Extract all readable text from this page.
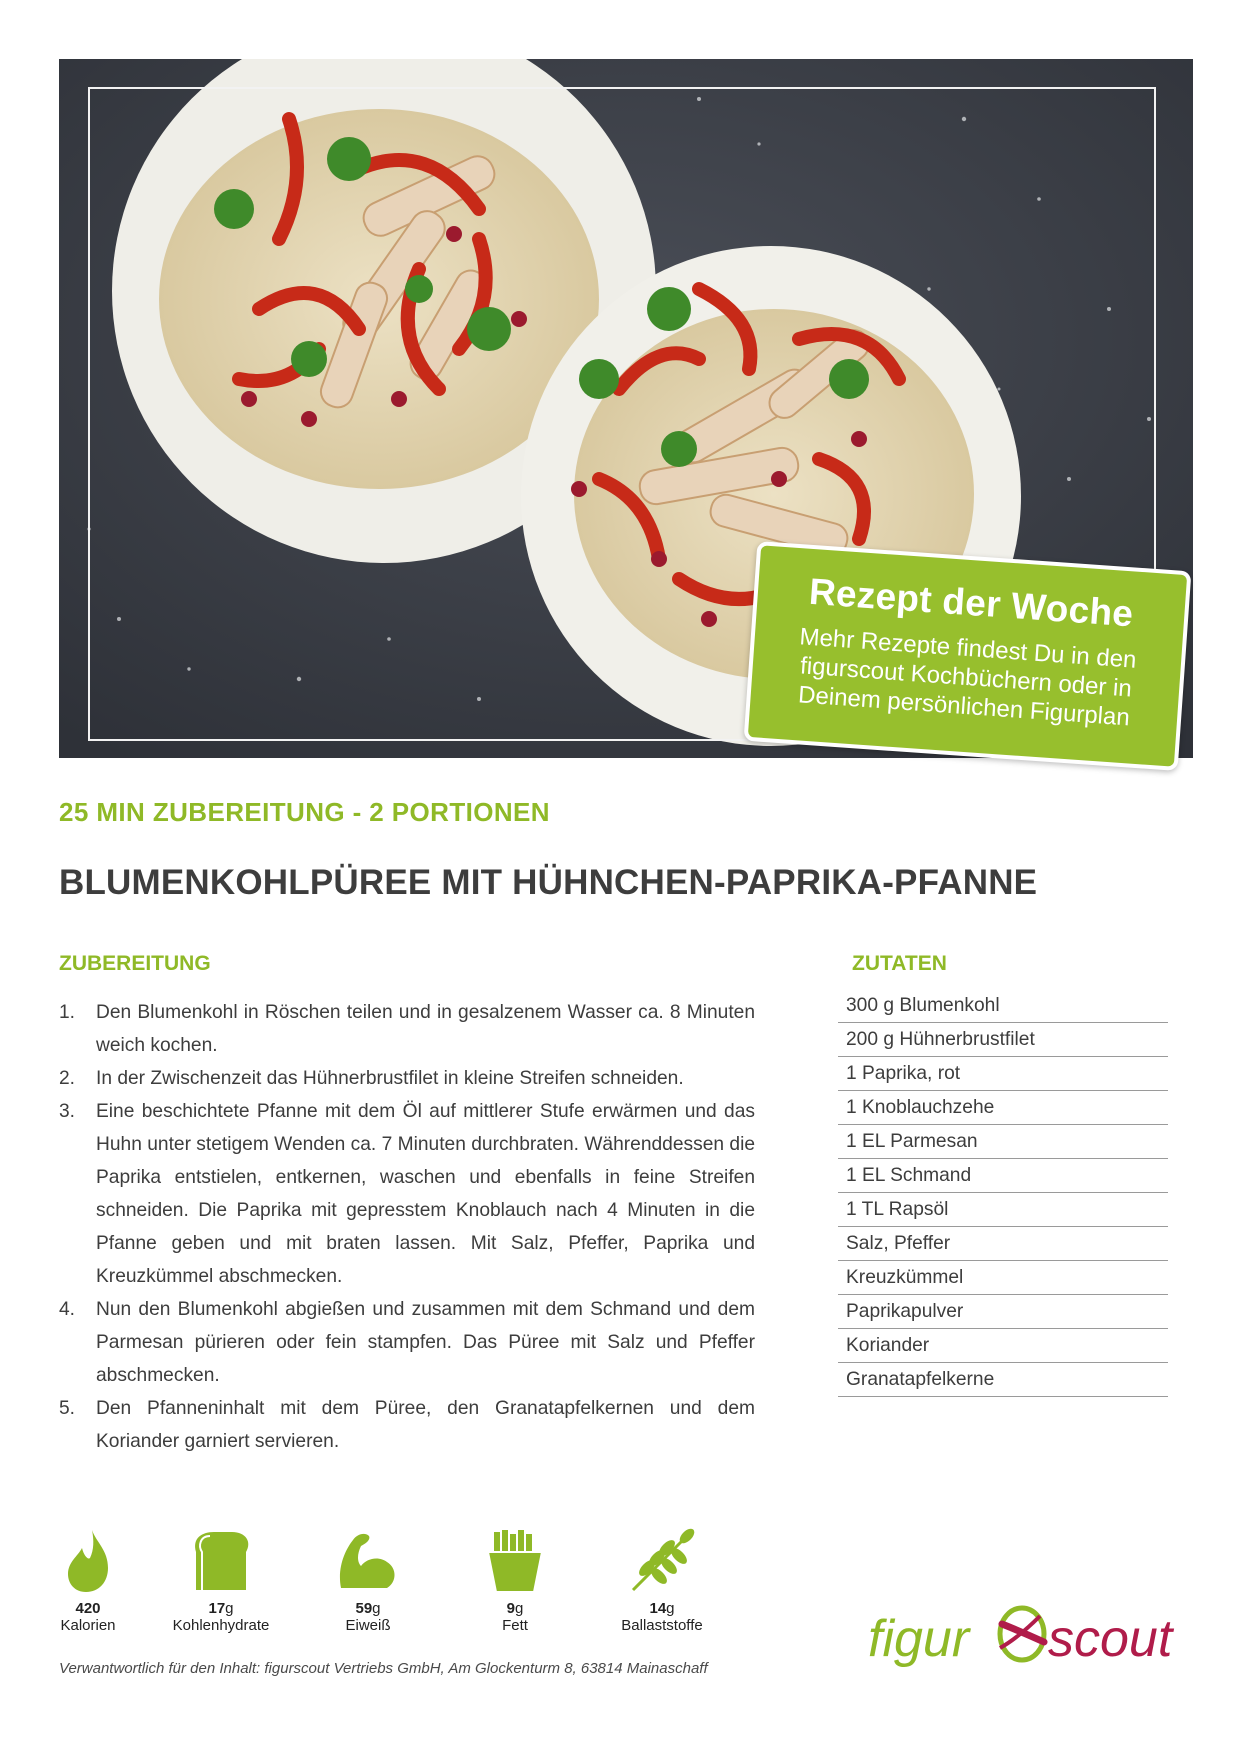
Rezept der Woche
Mehr Rezepte findest Du in den figurscout Kochbüchern oder in Deinem persönlichen Figurplan
25 MIN ZUBEREITUNG - 2 PORTIONEN
BLUMENKOHLPÜREE MIT HÜHNCHEN-PAPRIKA-PFANNE
ZUBEREITUNG
1.	Den Blumenkohl in Röschen teilen und in gesalzenem Wasser ca. 8 Minuten weich kochen.
2.	In der Zwischenzeit das Hühnerbrustfilet in kleine Streifen schneiden.
3.	Eine beschichtete Pfanne mit dem Öl auf mittlerer Stufe erwärmen und das Huhn unter stetigem Wenden ca. 7 Minuten durchbraten. Währenddessen die Paprika entstielen, entkernen, waschen und ebenfalls in feine Streifen schneiden. Die Paprika mit gepresstem Knoblauch nach 4 Minuten in die Pfanne geben und mit braten lassen. Mit Salz, Pfeffer, Paprika und Kreuzkümmel abschmecken.
4.	Nun den Blumenkohl abgießen und zusammen mit dem Schmand und dem Parmesan pürieren oder fein stampfen. Das Püree mit Salz und Pfeffer abschmecken.
5.	Den Pfanneninhalt mit dem Püree, den Granatapfelkernen und dem Koriander garniert servieren.
ZUTATEN
300 g Blumenkohl
200 g Hühnerbrustfilet
1 Paprika, rot
1 Knoblauchzehe
1 EL Parmesan
1 EL Schmand
1 TL Rapsöl
Salz, Pfeffer
Kreuzkümmel
Paprikapulver
Koriander
Granatapfelkerne
420
Kalorien
17g
Kohlenhydrate
59g
Eiweiß
9g
Fett
14g
Ballaststoffe	figur scout
Verwantwortlich für den Inhalt: figurscout Vertriebs GmbH, Am Glockenturm 8, 63814 Mainaschaff
